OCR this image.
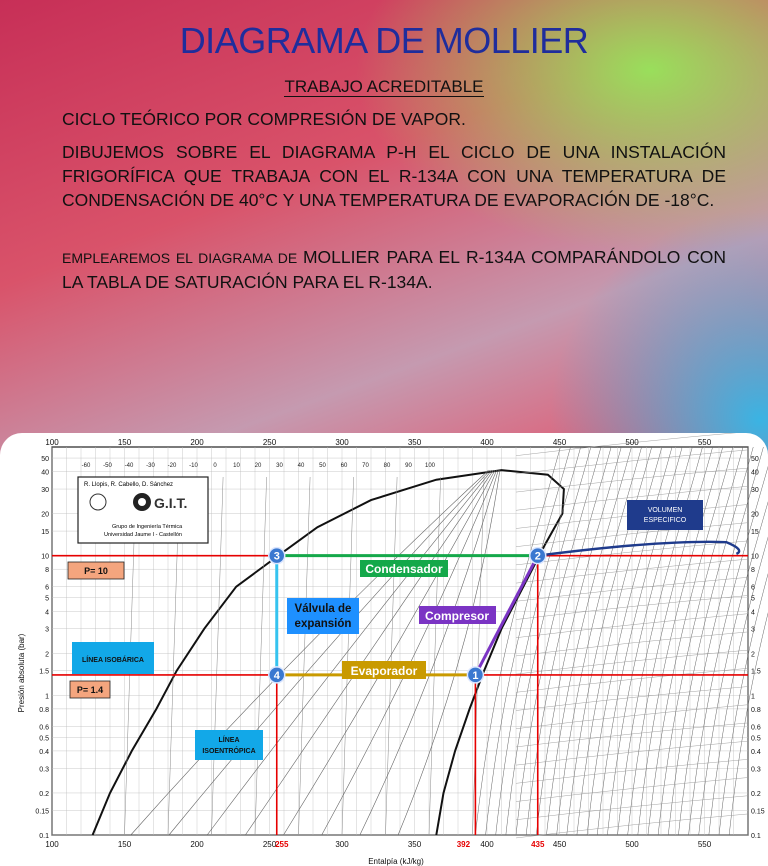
DIAGRAMA DE MOLLIER
TRABAJO ACREDITABLE
CICLO TEÓRICO POR COMPRESIÓN DE VAPOR.
DIBUJEMOS SOBRE EL DIAGRAMA P-H EL CICLO DE UNA INSTALACIÓN FRIGORÍFICA QUE TRABAJA CON EL R-134A CON UNA TEMPERATURA DE CONDENSACIÓN DE 40°C Y UNA TEMPERATURA DE EVAPORACIÓN DE -18°C.
EMPLEAREMOS EL DIAGRAMA DE MOLLIER PARA EL R-134A COMPARÁNDOLO CON LA TABLA DE SATURACIÓN PARA EL R-134A.
100
100
150
150
200
200
250
250
300
300
350
350
400
400
450
450
500
500
550
550
50
40
30
20
15
10
8
6
5
4
3
2
1.5
1
0.8
0.6
0.5
0.4
0.3
0.2
0.15
0.1
50
40
30
20
15
10
8
6
5
4
3
2
1.5
1
0.8
0.6
0.5
0.4
0.3
0.2
0.15
0.1
-60 -50 -40 -30 -20 -10	0	10 20 30 40 50 60 70 80 90 100
Entalpía (kJ/kg)
Presión absoluta (bar)
R. Llopis, R. Cabello, D. Sánchez
G.I.T.
Grupo de Ingeniería Térmica
Universidad Jaume I - Castellón
255	392	435
Condensador
Válvula de expansión
Compresor
Evaporador
LÍNEA ISOBÁRICA
LÍNEA ISOENTRÓPICA
VOLUMEN ESPECIFICO
P= 10
P= 1.4
1
2
3
4
